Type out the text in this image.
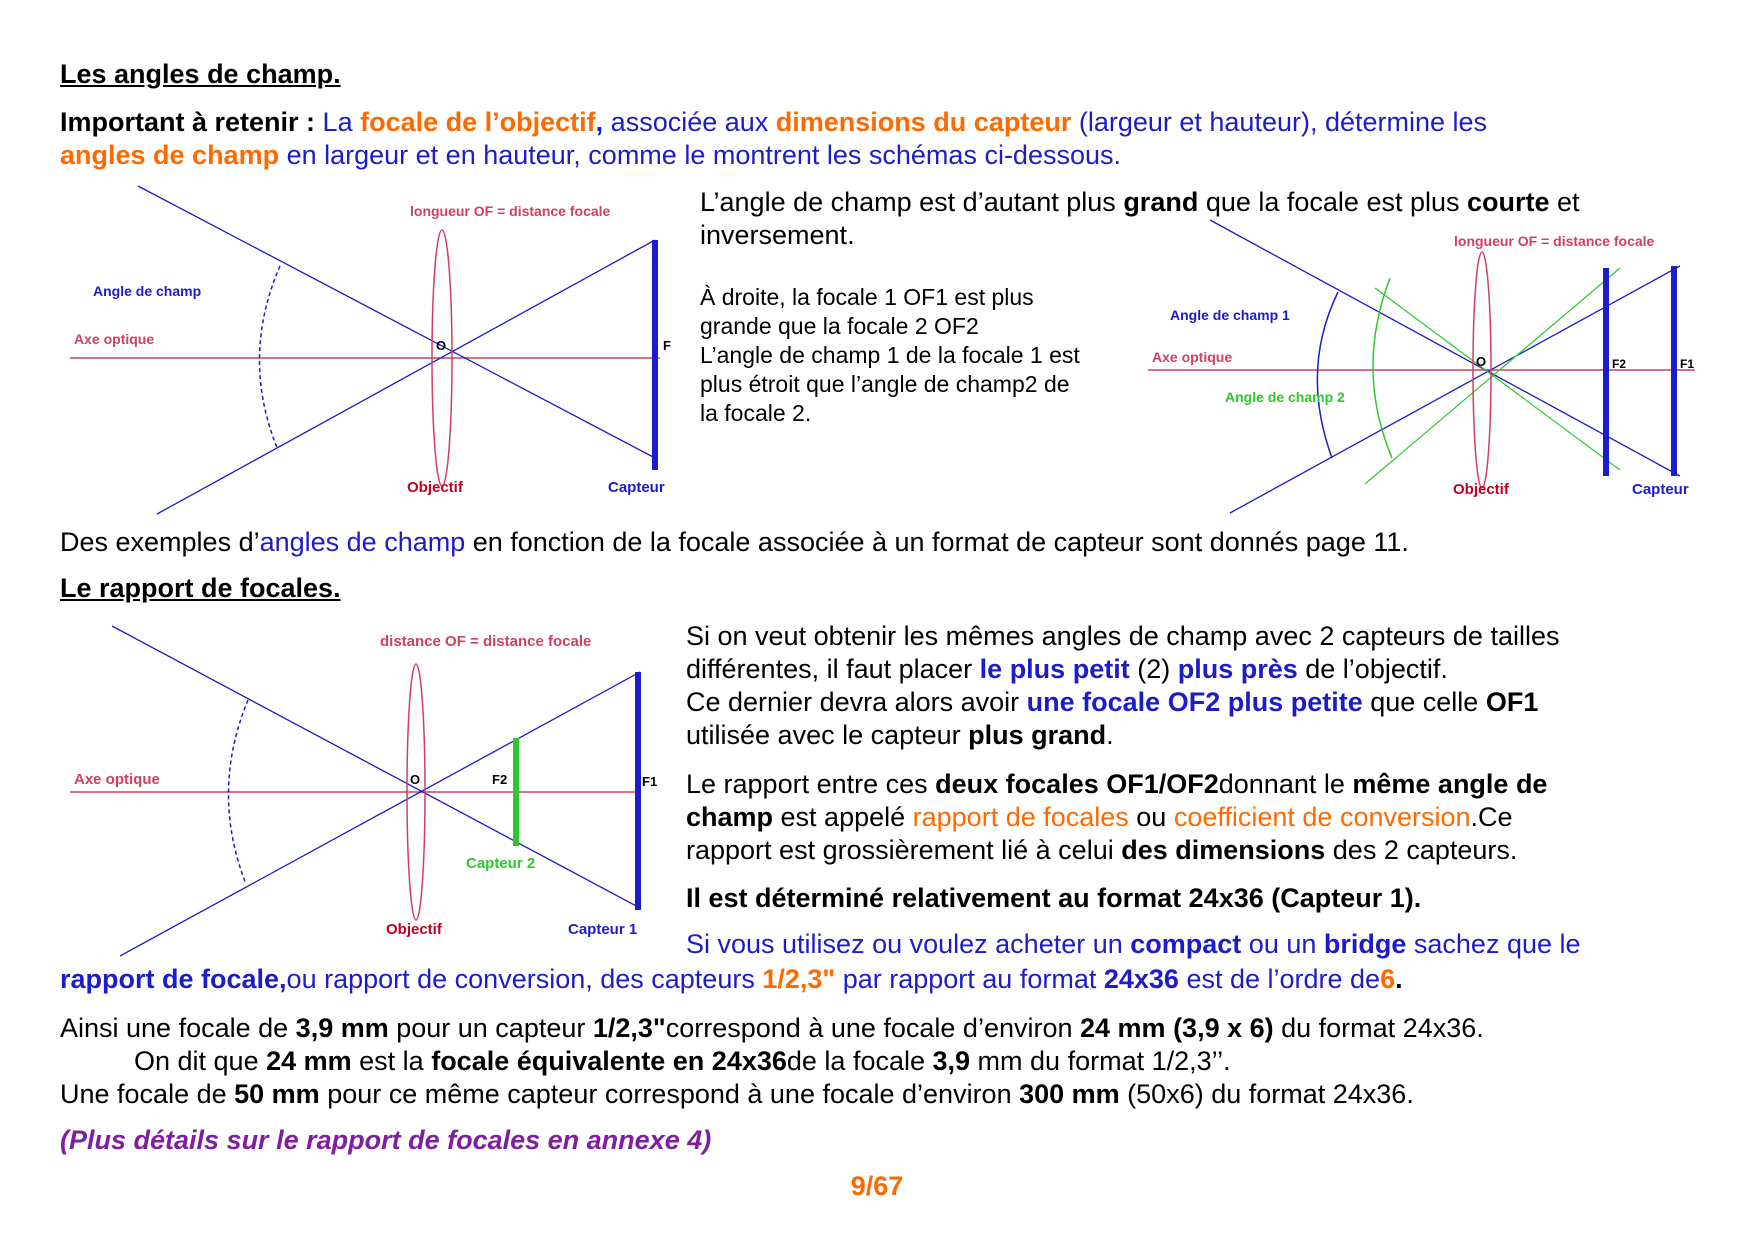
Les angles de champ.
Important à retenir : La focale de l’objectif, associée aux dimensions du capteur (largeur et hauteur), détermine les
angles de champ en largeur et en hauteur, comme le montrent les schémas ci-dessous.
longueur OF = distance focale
Angle de champ
Axe optique	O	F
Objectif	Capteur
L’angle de champ est d’autant plus grand que la focale est plus courte et
inversement.
À droite, la focale 1 OF1 est plus
grande que la focale 2 OF2
L’angle de champ 1 de la focale 1 est
plus étroit que l’angle de champ2 de
la focale 2.
longueur OF = distance focale
Angle de champ 1
Axe optique
Angle de champ 2
O	F2	F1
Objectif	Capteur
Des exemples d’angles de champ en fonction de la focale associée à un format de capteur sont donnés page 11.
Le rapport de focales.
distance OF = distance focale
Axe optique	O	F2	F1
Capteur 2
Objectif	Capteur 1
Si on veut obtenir les mêmes angles de champ avec 2 capteurs de tailles
différentes, il faut placer le plus petit (2) plus près de l’objectif.
Ce dernier devra alors avoir une focale OF2 plus petite que celle OF1
utilisée avec le capteur plus grand.
Le rapport entre ces deux focales OF1/OF2donnant le même angle de
champ est appelé rapport de focales ou coefficient de conversion.Ce
rapport est grossièrement lié à celui des dimensions des 2 capteurs.
Il est déterminé relativement au format 24x36 (Capteur 1).
Si vous utilisez ou voulez acheter un compact ou un bridge sachez que le
rapport de focale,ou rapport de conversion, des capteurs 1/2,3" par rapport au format 24x36 est de l’ordre de6.
Ainsi une focale de 3,9 mm pour un capteur 1/2,3"correspond à une focale d’environ 24 mm (3,9 x 6) du format 24x36.
On dit que 24 mm est la focale équivalente en 24x36de la focale 3,9 mm du format 1/2,3’’.
Une focale de 50 mm pour ce même capteur correspond à une focale d’environ 300 mm (50x6) du format 24x36.
(Plus détails sur le rapport de focales en annexe 4)
9/67
